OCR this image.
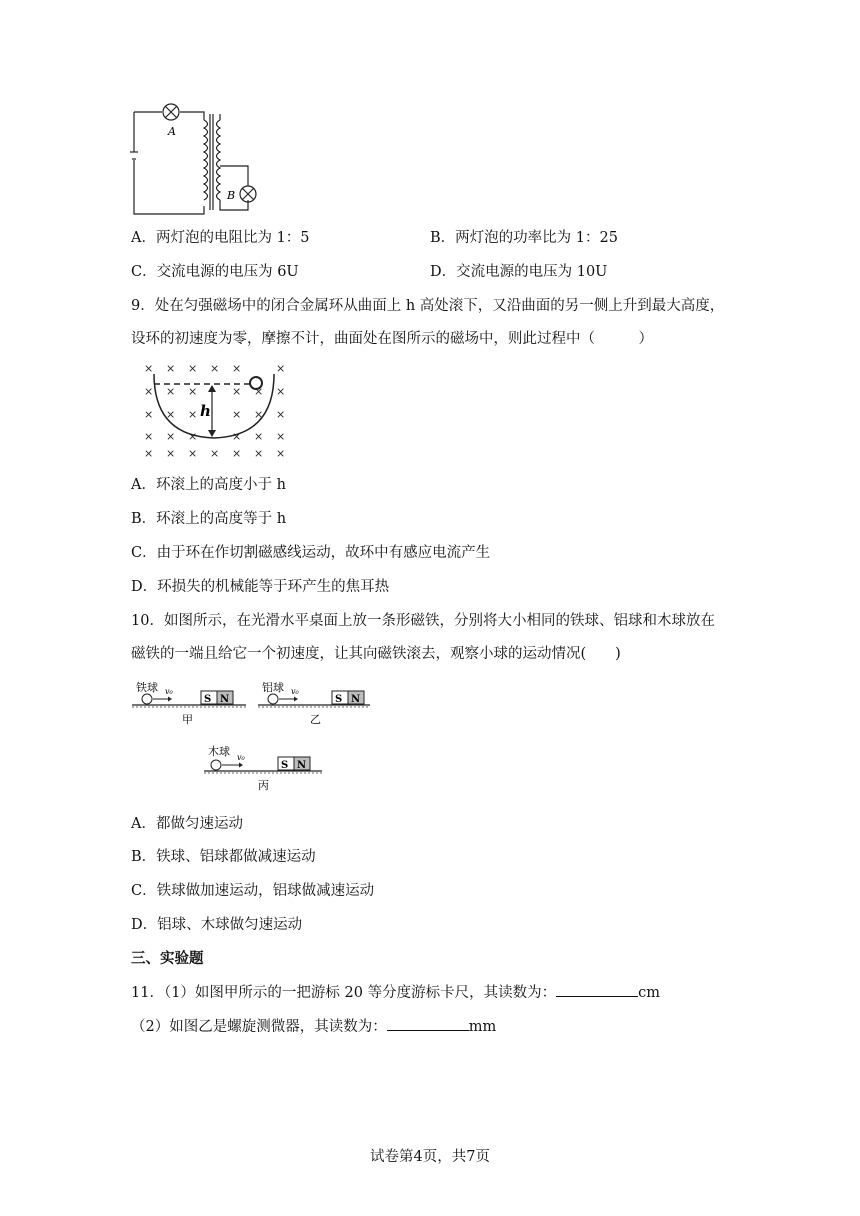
A
B
A．两灯泡的电阻比为 1：5	B．两灯泡的功率比为 1：25
C．交流电源的电压为 6U	D．交流电源的电压为 10U
9．处在匀强磁场中的闭合金属环从曲面上 h 高处滚下，又沿曲面的另一侧上升到最大高度，
设环的初速度为零，摩擦不计，曲面处在图所示的磁场中，则此过程中（　　　）
× × × × ×	×
× × ×	× × ×
× × ×	× × ×
× × ×	× × ×
× × × × × × ×
h
A．环滚上的高度小于 h
B．环滚上的高度等于 h
C．由于环在作切割磁感线运动，故环中有感应电流产生
D．环损失的机械能等于环产生的焦耳热
10．如图所示，在光滑水平桌面上放一条形磁铁，分别将大小相同的铁球、铝球和木球放在
磁铁的一端且给它一个初速度，让其向磁铁滚去，观察小球的运动情况(　　)
铁球 v₀
S N
甲
铝球 v₀
S N
乙
木球 v₀
S N
丙
A．都做匀速运动
B．铁球、铝球都做减速运动
C．铁球做加速运动，铝球做减速运动
D．铝球、木球做匀速运动
三、实验题
11．（1）如图甲所示的一把游标 20 等分度游标卡尺，其读数为：	cm
（2）如图乙是螺旋测微器，其读数为：	mm
试卷第4页，共7页
